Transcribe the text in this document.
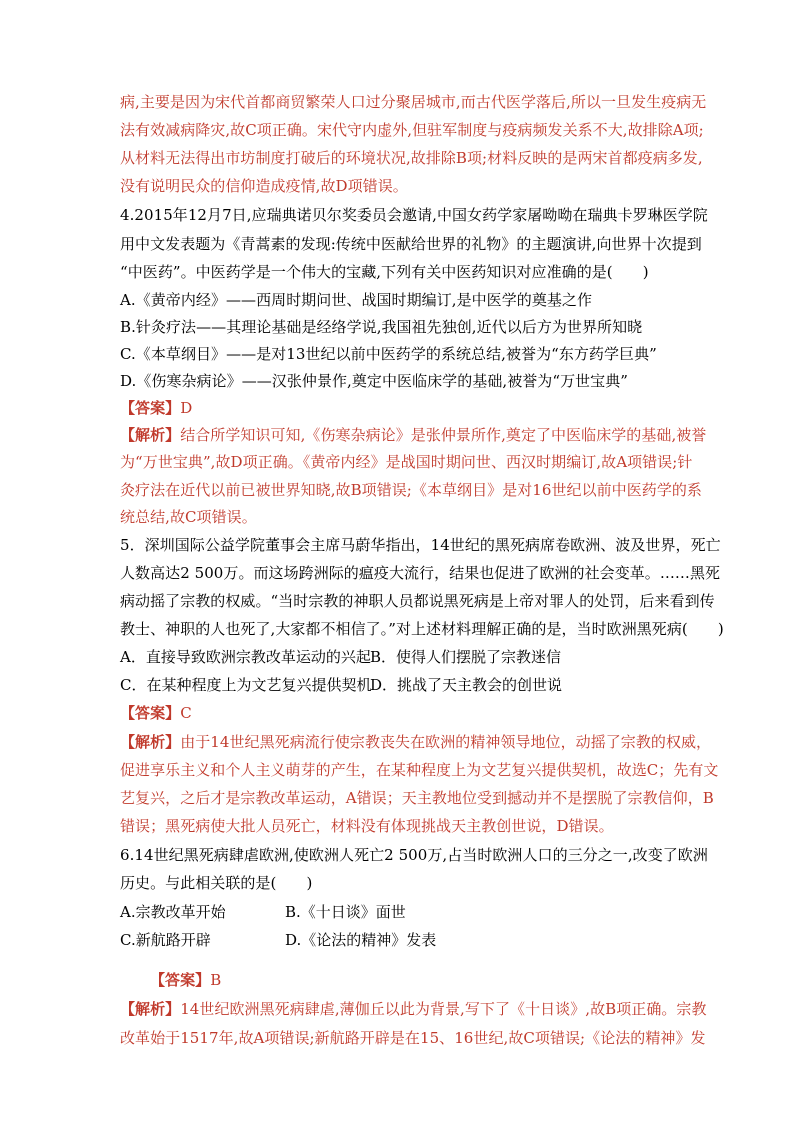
病,主要是因为宋代首都商贸繁荣人口过分聚居城市,而古代医学落后,所以一旦发生疫病无
法有效减病降灾,故C项正确。宋代守内虚外,但驻军制度与疫病频发关系不大,故排除A项;
从材料无法得出市坊制度打破后的环境状况,故排除B项;材料反映的是两宋首都疫病多发,
没有说明民众的信仰造成疫情,故D项错误。
4.2015年12月7日,应瑞典诺贝尔奖委员会邀请,中国女药学家屠呦呦在瑞典卡罗琳医学院
用中文发表题为《青蒿素的发现:传统中医献给世界的礼物》的主题演讲,向世界十次提到
“中医药”。中医药学是一个伟大的宝藏,下列有关中医药知识对应准确的是(　　)
A.《黄帝内经》——西周时期问世、战国时期编订,是中医学的奠基之作
B.针灸疗法——其理论基础是经络学说,我国祖先独创,近代以后方为世界所知晓
C.《本草纲目》——是对13世纪以前中医药学的系统总结,被誉为“东方药学巨典”
D.《伤寒杂病论》——汉张仲景作,奠定中医临床学的基础,被誉为“万世宝典”
【答案】D
【解析】结合所学知识可知,《伤寒杂病论》是张仲景所作,奠定了中医临床学的基础,被誉
为“万世宝典”,故D项正确。《黄帝内经》是战国时期问世、西汉时期编订,故A项错误;针
灸疗法在近代以前已被世界知晓,故B项错误;《本草纲目》是对16世纪以前中医药学的系
统总结,故C项错误。
5．深圳国际公益学院董事会主席马蔚华指出，14世纪的黑死病席卷欧洲、波及世界，死亡
人数高达2 500万。而这场跨洲际的瘟疫大流行，结果也促进了欧洲的社会变革。……黑死
病动摇了宗教的权威。“当时宗教的神职人员都说黑死病是上帝对罪人的处罚，后来看到传
教士、神职的人也死了,大家都不相信了。”对上述材料理解正确的是，当时欧洲黑死病(　　)
A．直接导致欧洲宗教改革运动的兴起 B．使得人们摆脱了宗教迷信
C．在某种程度上为文艺复兴提供契机
D．挑战了天主教会的创世说
【答案】C
【解析】由于14世纪黑死病流行使宗教丧失在欧洲的精神领导地位，动摇了宗教的权威，
促进享乐主义和个人主义萌芽的产生，在某种程度上为文艺复兴提供契机，故选C；先有文
艺复兴，之后才是宗教改革运动，A错误；天主教地位受到撼动并不是摆脱了宗教信仰，B
错误；黑死病使大批人员死亡，材料没有体现挑战天主教创世说，D错误。
6.14世纪黑死病肆虐欧洲,使欧洲人死亡2 500万,占当时欧洲人口的三分之一,改变了欧洲
历史。与此相关联的是(　　)
A.宗教改革开始	B.《十日谈》面世
C.新航路开辟	D.《论法的精神》发表
【答案】B
【解析】14世纪欧洲黑死病肆虐,薄伽丘以此为背景,写下了《十日谈》,故B项正确。宗教
改革始于1517年,故A项错误;新航路开辟是在15、16世纪,故C项错误;《论法的精神》发
